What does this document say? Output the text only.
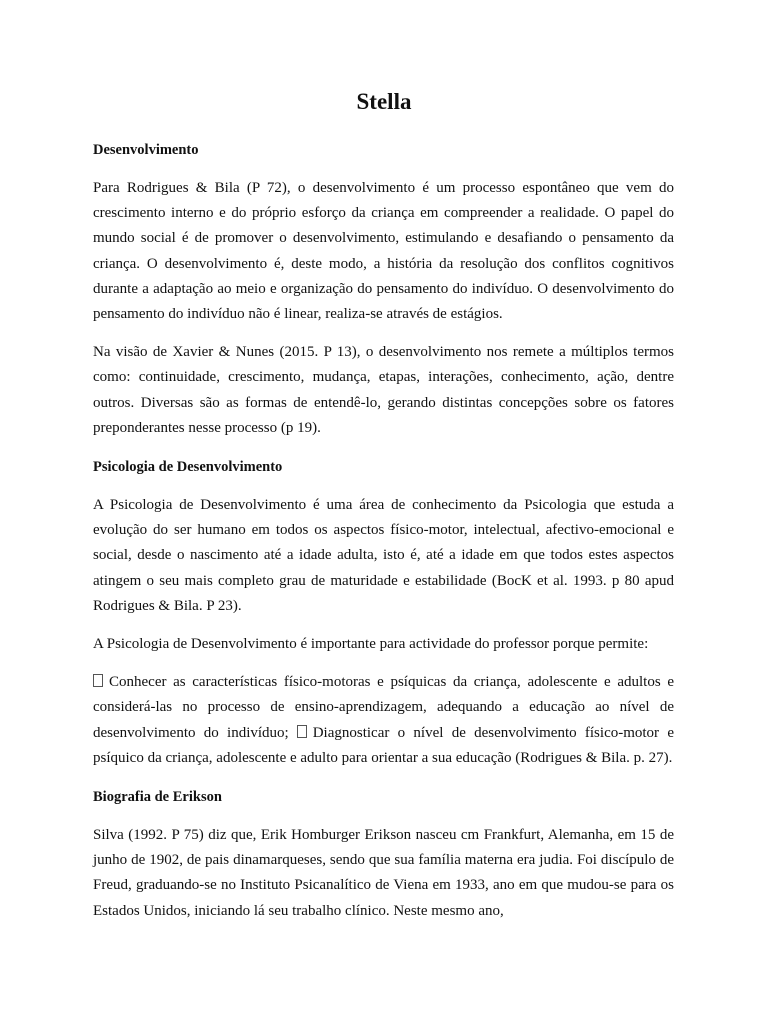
Stella
Desenvolvimento

Para Rodrigues & Bila (P 72), o desenvolvimento é um processo espontâneo que vem do crescimento interno e do próprio esforço da criança em compreender a realidade. O papel do mundo social é de promover o desenvolvimento, estimulando e desafiando o pensamento da criança. O desenvolvimento é, deste modo, a história da resolução dos conflitos cognitivos durante a adaptação ao meio e organização do pensamento do indivíduo. O desenvolvimento do pensamento do indivíduo não é linear, realiza-se através de estágios.

Na visão de Xavier & Nunes (2015. P 13), o desenvolvimento nos remete a múltiplos termos como: continuidade, crescimento, mudança, etapas, interações, conhecimento, ação, dentre outros. Diversas são as formas de entendê-lo, gerando distintas concepções sobre os fatores preponderantes nesse processo (p 19).

Psicologia de Desenvolvimento

A Psicologia de Desenvolvimento é uma área de conhecimento da Psicologia que estuda a evolução do ser humano em todos os aspectos físico-motor, intelectual, afectivo-emocional e social, desde o nascimento até a idade adulta, isto é, até a idade em que todos estes aspectos atingem o seu mais completo grau de maturidade e estabilidade (BocK et al. 1993. p 80 apud Rodrigues & Bila. P 23).

A Psicologia de Desenvolvimento é importante para actividade do professor porque permite:

Conhecer as características físico-motoras e psíquicas da criança, adolescente e adultos e considerá-las no processo de ensino-aprendizagem, adequando a educação ao nível de desenvolvimento do indivíduo; Diagnosticar o nível de desenvolvimento físico-motor e psíquico da criança, adolescente e adulto para orientar a sua educação (Rodrigues & Bila. p. 27).

Biografia de Erikson

Silva (1992. P 75) diz que, Erik Homburger Erikson nasceu cm Frankfurt, Alemanha, em 15 de junho de 1902, de pais dinamarqueses, sendo que sua família materna era judia. Foi discípulo de Freud, graduando-se no Instituto Psicanalítico de Viena em 1933, ano em que mudou-se para os Estados Unidos, iniciando lá seu trabalho clínico. Neste mesmo ano,
